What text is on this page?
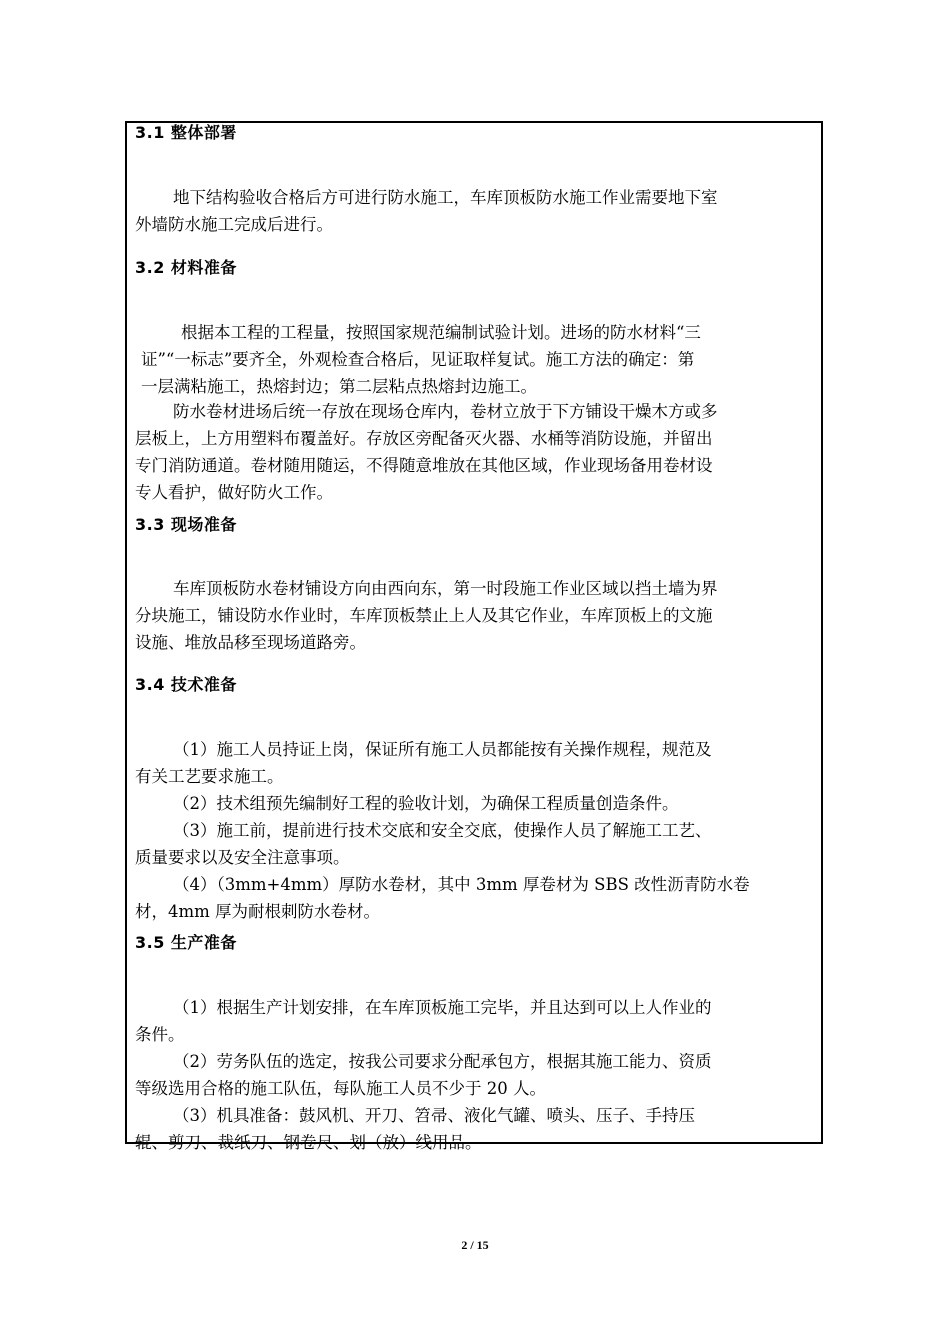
3.1 整体部署
地下结构验收合格后方可进行防水施工，车库顶板防水施工作业需要地下室
外墙防水施工完成后进行。
3.2 材料准备
根据本工程的工程量，按照国家规范编制试验计划。进场的防水材料“三
证”“一标志”要齐全，外观检查合格后，见证取样复试。施工方法的确定：第
一层满粘施工，热熔封边；第二层粘点热熔封边施工。
防水卷材进场后统一存放在现场仓库内，卷材立放于下方铺设干燥木方或多
层板上，上方用塑料布覆盖好。存放区旁配备灭火器、水桶等消防设施，并留出
专门消防通道。卷材随用随运，不得随意堆放在其他区域，作业现场备用卷材设
专人看护，做好防火工作。
3.3 现场准备
车库顶板防水卷材铺设方向由西向东，第一时段施工作业区域以挡土墙为界
分块施工，铺设防水作业时，车库顶板禁止上人及其它作业，车库顶板上的文施
设施、堆放品移至现场道路旁。
3.4 技术准备
（1）施工人员持证上岗，保证所有施工人员都能按有关操作规程，规范及
有关工艺要求施工。
（2）技术组预先编制好工程的验收计划，为确保工程质量创造条件。
（3）施工前，提前进行技术交底和安全交底，使操作人员了解施工工艺、
质量要求以及安全注意事项。
（4）（3mm+4mm）厚防水卷材，其中 3mm 厚卷材为 SBS 改性沥青防水卷
材，4mm 厚为耐根刺防水卷材。
3.5 生产准备
（1）根据生产计划安排，在车库顶板施工完毕，并且达到可以上人作业的
条件。
（2）劳务队伍的选定，按我公司要求分配承包方，根据其施工能力、资质
等级选用合格的施工队伍，每队施工人员不少于 20 人。
（3）机具准备：鼓风机、开刀、笤帚、液化气罐、喷头、压子、手持压
辊、剪刀、裁纸刀、钢卷尺、划（放）线用品。
2 / 15
